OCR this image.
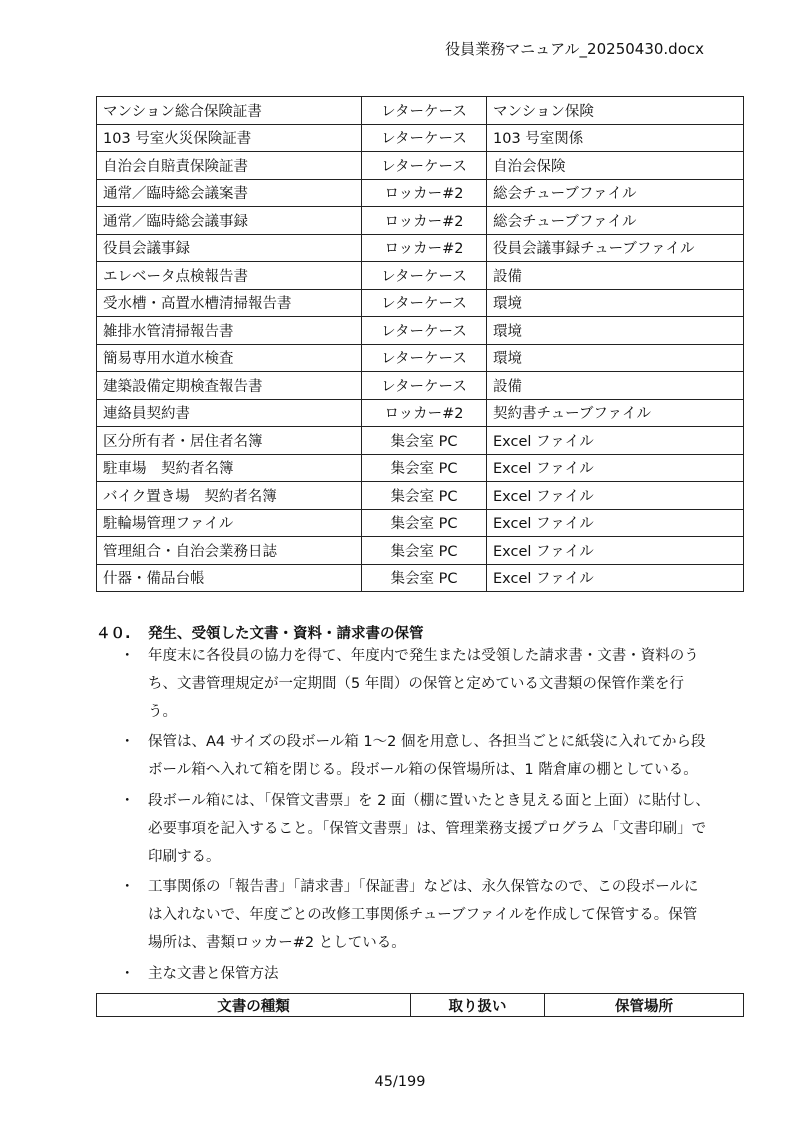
役員業務マニュアル_20250430.docx
マンション総合保険証書	レターケース	マンション保険
103 号室火災保険証書	レターケース	103 号室関係
自治会自賠責保険証書	レターケース	自治会保険
通常／臨時総会議案書	ロッカー#2	総会チューブファイル
通常／臨時総会議事録	ロッカー#2	総会チューブファイル
役員会議事録	ロッカー#2	役員会議事録チューブファイル
エレベータ点検報告書	レターケース	設備
受水槽・高置水槽清掃報告書	レターケース	環境
雑排水管清掃報告書	レターケース	環境
簡易専用水道水検査	レターケース	環境
建築設備定期検査報告書	レターケース	設備
連絡員契約書	ロッカー#2	契約書チューブファイル
区分所有者・居住者名簿	集会室 PC	Excel ファイル
駐車場　契約者名簿	集会室 PC	Excel ファイル
バイク置き場　契約者名簿	集会室 PC	Excel ファイル
駐輪場管理ファイル	集会室 PC	Excel ファイル
管理組合・自治会業務日誌	集会室 PC	Excel ファイル
什器・備品台帳	集会室 PC	Excel ファイル
４０. 発生、受領した文書・資料・請求書の保管
・ 年度末に各役員の協力を得て、年度内で発生または受領した請求書・文書・資料のうち、文書管理規定が一定期間（5 年間）の保管と定めている文書類の保管作業を行う。
・ 保管は、A4 サイズの段ボール箱 1〜2 個を用意し、各担当ごとに紙袋に入れてから段ボール箱へ入れて箱を閉じる。段ボール箱の保管場所は、1 階倉庫の棚としている。
・ 段ボール箱には、「保管文書票」を 2 面（棚に置いたとき見える面と上面）に貼付し、必要事項を記入すること。「保管文書票」は、管理業務支援プログラム「文書印刷」で印刷する。
・ 工事関係の「報告書」「請求書」「保証書」などは、永久保管なので、この段ボールには入れないで、年度ごとの改修工事関係チューブファイルを作成して保管する。保管場所は、書類ロッカー#2 としている。
・ 主な文書と保管方法
文書の種類	取り扱い	保管場所
45/199
